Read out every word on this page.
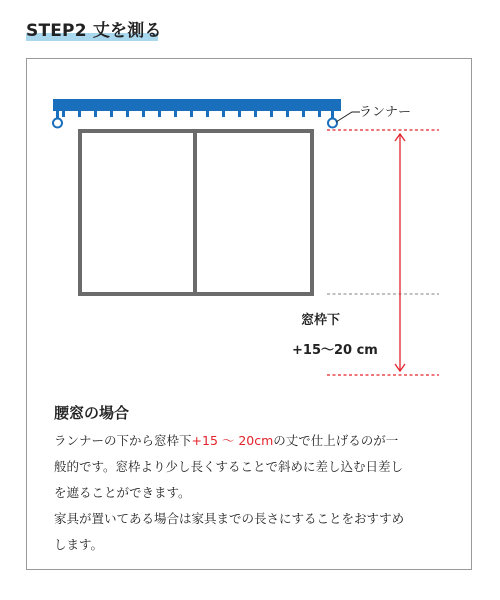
STEP2 丈を測る
ランナー
窓枠下
+15〜20 cm
腰窓の場合
ランナーの下から窓枠下+15 〜 20cmの丈で仕上げるのが一
般的です。窓枠より少し長くすることで斜めに差し込む日差し
を遮ることができます。
家具が置いてある場合は家具までの長さにすることをおすすめ
します。
